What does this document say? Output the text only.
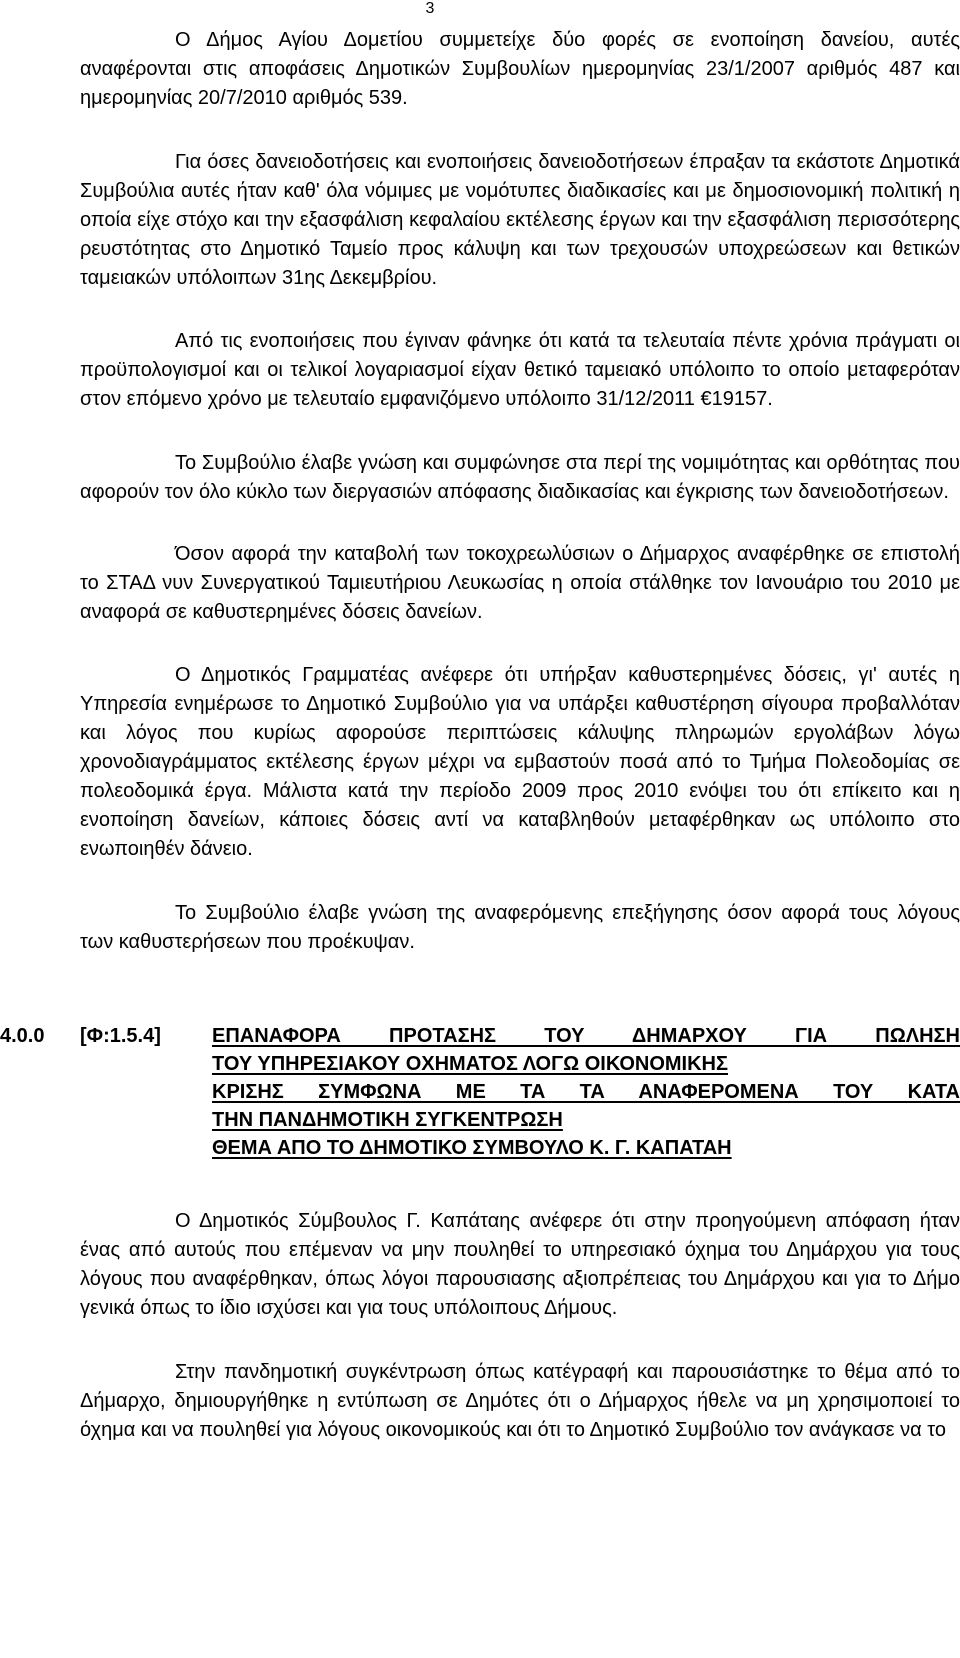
3

Ο Δήμος Αγίου Δομετίου συμμετείχε δύο φορές σε ενοποίηση δανείου, αυτές αναφέρονται στις αποφάσεις Δημοτικών Συμβουλίων ημερομηνίας 23/1/2007 αριθμός 487 και ημερομηνίας 20/7/2010 αριθμός 539.

Για όσες δανειοδοτήσεις και ενοποιήσεις δανειοδοτήσεων έπραξαν τα εκάστοτε Δημοτικά Συμβούλια αυτές ήταν καθ' όλα νόμιμες με νομότυπες διαδικασίες και με δημοσιονομική πολιτική η οποία είχε στόχο και την εξασφάλιση κεφαλαίου εκτέλεσης έργων και την εξασφάλιση περισσότερης ρευστότητας στο Δημοτικό Ταμείο προς κάλυψη και των τρεχουσών υποχρεώσεων και θετικών ταμειακών υπόλοιπων 31ης Δεκεμβρίου.

Από τις ενοποιήσεις που έγιναν φάνηκε ότι κατά τα τελευταία πέντε χρόνια πράγματι οι προϋπολογισμοί και οι τελικοί λογαριασμοί είχαν θετικό ταμειακό υπόλοιπο το οποίο μεταφερόταν στον επόμενο χρόνο με τελευταίο εμφανιζόμενο υπόλοιπο 31/12/2011 €19157.

Το Συμβούλιο έλαβε γνώση και συμφώνησε στα περί της νομιμότητας και ορθότητας που αφορούν τον όλο κύκλο των διεργασιών απόφασης διαδικασίας και έγκρισης των δανειοδοτήσεων.

Όσον αφορά την καταβολή των τοκοχρεωλύσιων ο Δήμαρχος αναφέρθηκε σε επιστολή το ΣΤΑΔ νυν Συνεργατικού Ταμιευτήριου Λευκωσίας η οποία στάλθηκε τον Ιανουάριο του 2010 με αναφορά σε καθυστερημένες δόσεις δανείων.

Ο Δημοτικός Γραμματέας ανέφερε ότι υπήρξαν καθυστερημένες δόσεις, γι' αυτές η Υπηρεσία ενημέρωσε το Δημοτικό Συμβούλιο για να υπάρξει καθυστέρηση σίγουρα προβαλλόταν και λόγος που κυρίως αφορούσε περιπτώσεις κάλυψης πληρωμών εργολάβων λόγω χρονοδιαγράμματος εκτέλεσης έργων μέχρι να εμβαστούν ποσά από το Τμήμα Πολεοδομίας σε πολεοδομικά έργα. Μάλιστα κατά την περίοδο 2009 προς 2010 ενόψει του ότι επίκειτο και η ενοποίηση δανείων, κάποιες δόσεις αντί να καταβληθούν μεταφέρθηκαν ως υπόλοιπο στο ενωποιηθέν δάνειο.

Το Συμβούλιο έλαβε γνώση της αναφερόμενης επεξήγησης όσον αφορά τους λόγους των καθυστερήσεων που προέκυψαν.

4.0.0 [Φ:1.5.4]	ΕΠΑΝΑΦΟΡΑ ΠΡΟΤΑΣΗΣ ΤΟΥ ΔΗΜΑΡΧΟΥ ΓΙΑ ΠΩΛΗΣΗ
ΤΟΥ ΥΠΗΡΕΣΙΑΚΟΥ ΟΧΗΜΑΤΟΣ ΛΟΓΩ ΟΙΚΟΝΟΜΙΚΗΣ
ΚΡΙΣΗΣ ΣΥΜΦΩΝΑ ΜΕ ΤΑ ΤΑ ΑΝΑΦΕΡΟΜΕΝΑ ΤΟΥ ΚΑΤΑ
ΤΗΝ ΠΑΝΔΗΜΟΤΙΚΗ ΣΥΓΚΕΝΤΡΩΣΗ
ΘΕΜΑ ΑΠΟ ΤΟ ΔΗΜΟΤΙΚΟ ΣΥΜΒΟΥΛΟ Κ. Γ. ΚΑΠΑΤΑΗ

Ο Δημοτικός Σύμβουλος Γ. Καπάταης ανέφερε ότι στην προηγούμενη απόφαση ήταν ένας από αυτούς που επέμεναν να μην πουληθεί το υπηρεσιακό όχημα του Δημάρχου για τους λόγους που αναφέρθηκαν, όπως λόγοι παρουσιασης αξιοπρέπειας του Δημάρχου και για το Δήμο γενικά όπως το ίδιο ισχύσει και για τους υπόλοιπους Δήμους.

Στην πανδημοτική συγκέντρωση όπως κατέγραφή και παρουσιάστηκε το θέμα από το Δήμαρχο, δημιουργήθηκε η εντύπωση σε Δημότες ότι ο Δήμαρχος ήθελε να μη χρησιμοποιεί το όχημα και να πουληθεί για λόγους οικονομικούς και ότι το Δημοτικό Συμβούλιο τον ανάγκασε να το
